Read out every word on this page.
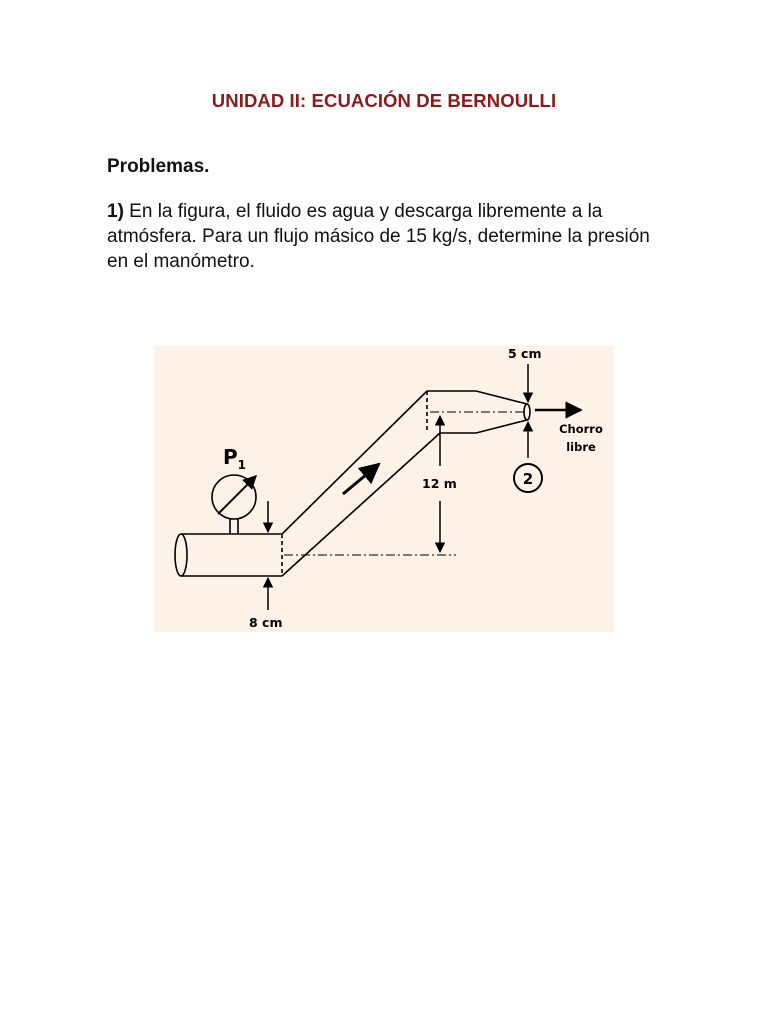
UNIDAD II: ECUACIÓN DE BERNOULLI
Problemas.
1) En la figura, el fluido es agua y descarga libremente a la atmósfera. Para un flujo másico de 15 kg/s, determine la presión en el manómetro.
$P_1$
8 cm
12 m
5 cm
2
Chorro
libre
